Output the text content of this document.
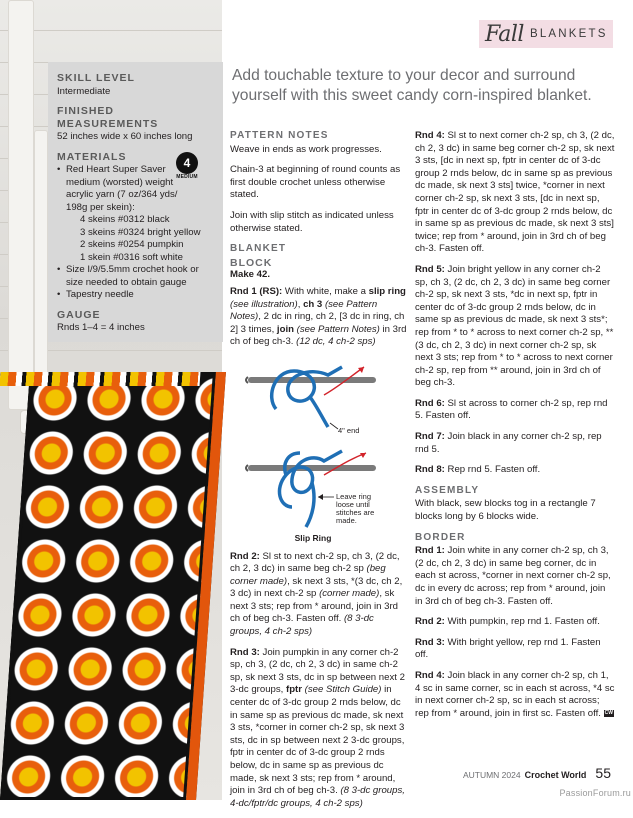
Fall BLANKETS
SKILL LEVEL
Intermediate
FINISHED MEASUREMENTS
52 inches wide x 60 inches long
MATERIALS
• Red Heart Super Saver medium (worsted) weight acrylic yarn (7 oz/364 yds/ 198g per skein):
4 skeins #0312 black
3 skeins #0324 bright yellow
2 skeins #0254 pumpkin
1 skein #0316 soft white
• Size I/9/5.5mm crochet hook or size needed to obtain gauge
• Tapestry needle
GAUGE
Rnds 1–4 = 4 inches
4
MEDIUM
Add touchable texture to your decor and surround yourself with this sweet candy corn-inspired blanket.
PATTERN NOTES

Weave in ends as work progresses.

Chain-3 at beginning of round counts as first double crochet unless otherwise stated.

Join with slip stitch as indicated unless otherwise stated.

BLANKET
BLOCK
Make 42.

Rnd 1 (RS): With white, make a slip ring (see illustration), ch 3 (see Pattern Notes), 2 dc in ring, ch 2, [3 dc in ring, ch 2] 3 times, join (see Pattern Notes) in 3rd ch of beg ch-3. (12 dc, 4 ch-2 sps)

4" end
Leave ring loose until stitches are made.
Slip Ring

Rnd 2: Sl st to next ch-2 sp, ch 3, (2 dc, ch 2, 3 dc) in same beg ch-2 sp (beg corner made), sk next 3 sts, *(3 dc, ch 2, 3 dc) in next ch-2 sp (corner made), sk next 3 sts; rep from * around, join in 3rd ch of beg ch-3. Fasten off. (8 3-dc groups, 4 ch-2 sps)

Rnd 3: Join pumpkin in any corner ch-2 sp, ch 3, (2 dc, ch 2, 3 dc) in same ch-2 sp, sk next 3 sts, dc in sp between next 2 3-dc groups, fptr (see Stitch Guide) in center dc of 3-dc group 2 rnds below, dc in same sp as previous dc made, sk next 3 sts, *corner in corner ch-2 sp, sk next 3 sts, dc in sp between next 2 3-dc groups, fptr in center dc of 3-dc group 2 rnds below, dc in same sp as previous dc made, sk next 3 sts; rep from * around, join in 3rd ch of beg ch-3. (8 3-dc groups, 4-dc/fptr/dc groups, 4 ch-2 sps)

Rnd 4: Sl st to next corner ch-2 sp, ch 3, (2 dc, ch 2, 3 dc) in same beg corner ch-2 sp, sk next 3 sts, [dc in next sp, fptr in center dc of 3-dc group 2 rnds below, dc in same sp as previous dc made, sk next 3 sts] twice, *corner in next corner ch-2 sp, sk next 3 sts, [dc in next sp, fptr in center dc of 3-dc group 2 rnds below, dc in same sp as previous dc made, sk next 3 sts] twice; rep from * around, join in 3rd ch of beg ch-3. Fasten off.

Rnd 5: Join bright yellow in any corner ch-2 sp, ch 3, (2 dc, ch 2, 3 dc) in same beg corner ch-2 sp, sk next 3 sts, *dc in next sp, fptr in center dc of 3-dc group 2 rnds below, dc in same sp as previous dc made, sk next 3 sts*; rep from * to * across to next corner ch-2 sp, **(3 dc, ch 2, 3 dc) in next corner ch-2 sp, sk next 3 sts; rep from * to * across to next corner ch-2 sp, rep from ** around, join in 3rd ch of beg ch-3.

Rnd 6: Sl st across to corner ch-2 sp, rep rnd 5. Fasten off.

Rnd 7: Join black in any corner ch-2 sp, rep rnd 5.

Rnd 8: Rep rnd 5. Fasten off.

ASSEMBLY

With black, sew blocks tog in a rectangle 7 blocks long by 6 blocks wide.

BORDER

Rnd 1: Join white in any corner ch-2 sp, ch 3, (2 dc, ch 2, 3 dc) in same beg corner, dc in each st across, *corner in next corner ch-2 sp, dc in every dc across; rep from * around, join in 3rd ch of beg ch-3. Fasten off.

Rnd 2: With pumpkin, rep rnd 1. Fasten off.

Rnd 3: With bright yellow, rep rnd 1. Fasten off.

Rnd 4: Join black in any corner ch-2 sp, ch 1, 4 sc in same corner, sc in each st across, *4 sc in next corner ch-2 sp, sc in each st across; rep from * around, join in first sc. Fasten off. CW

AUTUMN 2024 Crochet World 55
PassionForum.ru
